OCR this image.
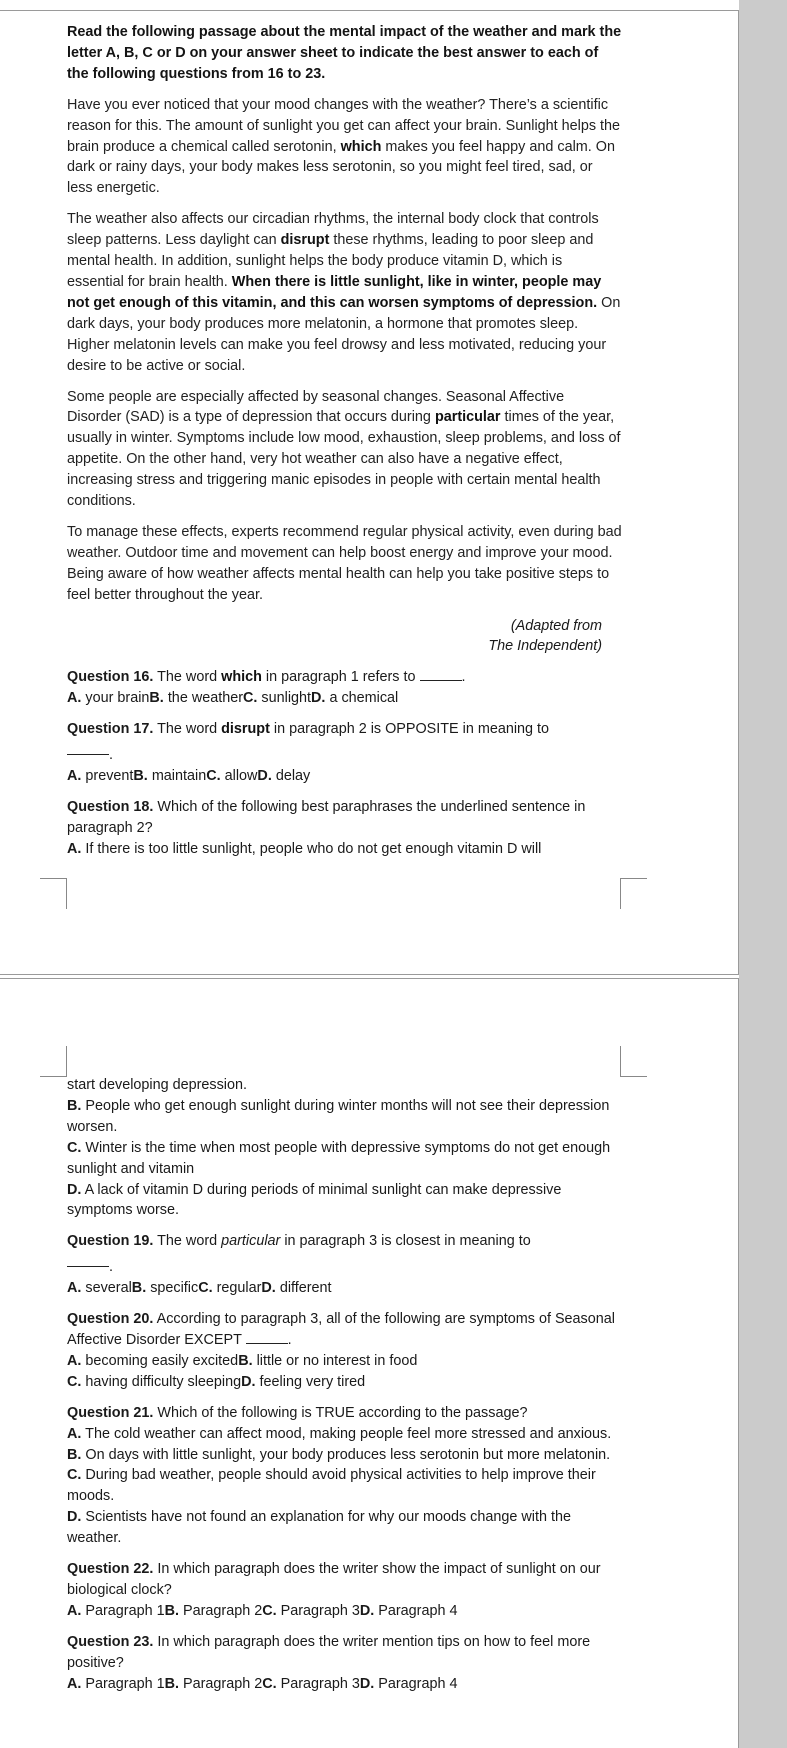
Read the following passage about the mental impact of the weather and mark the letter A, B, C or D on your answer sheet to indicate the best answer to each of the following questions from 16 to 23.

Have you ever noticed that your mood changes with the weather? There’s a scientific reason for this. The amount of sunlight you get can affect your brain. Sunlight helps the brain produce a chemical called serotonin, which makes you feel happy and calm. On dark or rainy days, your body makes less serotonin, so you might feel tired, sad, or less energetic.

The weather also affects our circadian rhythms, the internal body clock that controls sleep patterns. Less daylight can disrupt these rhythms, leading to poor sleep and mental health. In addition, sunlight helps the body produce vitamin D, which is essential for brain health. When there is little sunlight, like in winter, people may not get enough of this vitamin, and this can worsen symptoms of depression. On dark days, your body produces more melatonin, a hormone that promotes sleep. Higher melatonin levels can make you feel drowsy and less motivated, reducing your desire to be active or social.

Some people are especially affected by seasonal changes. Seasonal Affective Disorder (SAD) is a type of depression that occurs during particular times of the year, usually in winter. Symptoms include low mood, exhaustion, sleep problems, and loss of appetite. On the other hand, very hot weather can also have a negative effect, increasing stress and triggering manic episodes in people with certain mental health conditions.

To manage these effects, experts recommend regular physical activity, even during bad weather. Outdoor time and movement can help boost energy and improve your mood. Being aware of how weather affects mental health can help you take positive steps to feel better throughout the year.

(Adapted from
The Independent)

Question 16. The word which in paragraph 1 refers to	.

A. your brainB. the weatherC. sunlightD. a chemical

Question 17. The word disrupt in paragraph 2 is OPPOSITE in meaning to
.

A. preventB. maintainC. allowD. delay

Question 18. Which of the following best paraphrases the underlined sentence in paragraph 2?

A. If there is too little sunlight, people who do not get enough vitamin D will

start developing depression.

B. People who get enough sunlight during winter months will not see their depression worsen.

C. Winter is the time when most people with depressive symptoms do not get enough sunlight and vitamin

D. A lack of vitamin D during periods of minimal sunlight can make depressive symptoms worse.

Question 19. The word particular in paragraph 3 is closest in meaning to
.

A. severalB. specificC. regularD. different

Question 20. According to paragraph 3, all of the following are symptoms of Seasonal Affective Disorder EXCEPT	.

A. becoming easily excitedB. little or no interest in food

C. having difficulty sleepingD. feeling very tired

Question 21. Which of the following is TRUE according to the passage?

A. The cold weather can affect mood, making people feel more stressed and anxious.

B. On days with little sunlight, your body produces less serotonin but more melatonin.

C. During bad weather, people should avoid physical activities to help improve their moods.

D. Scientists have not found an explanation for why our moods change with the weather.

Question 22. In which paragraph does the writer show the impact of sunlight on our biological clock?

A. Paragraph 1B. Paragraph 2C. Paragraph 3D. Paragraph 4

Question 23. In which paragraph does the writer mention tips on how to feel more positive?

A. Paragraph 1B. Paragraph 2C. Paragraph 3D. Paragraph 4
